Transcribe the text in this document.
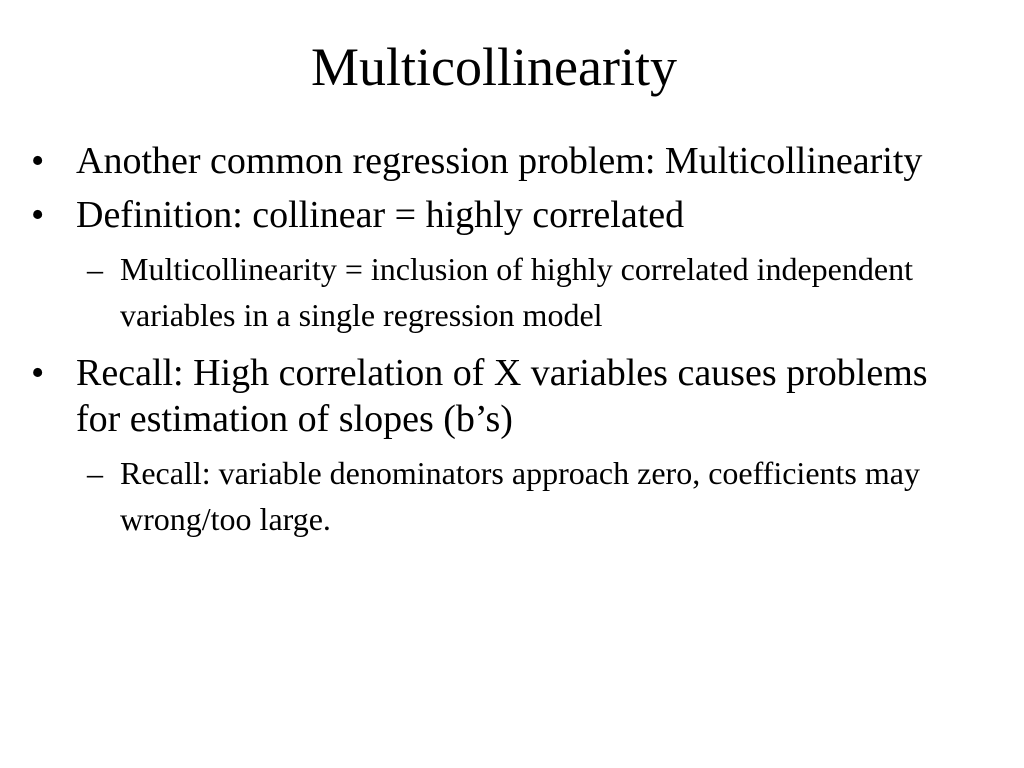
Multicollinearity
• Another common regression problem: Multicollinearity
• Definition: collinear = highly correlated
– Multicollinearity = inclusion of highly correlated independent variables in a single regression model
• Recall: High correlation of X variables causes problems for estimation of slopes (b’s)
– Recall: variable denominators approach zero, coefficients may wrong/too large.
